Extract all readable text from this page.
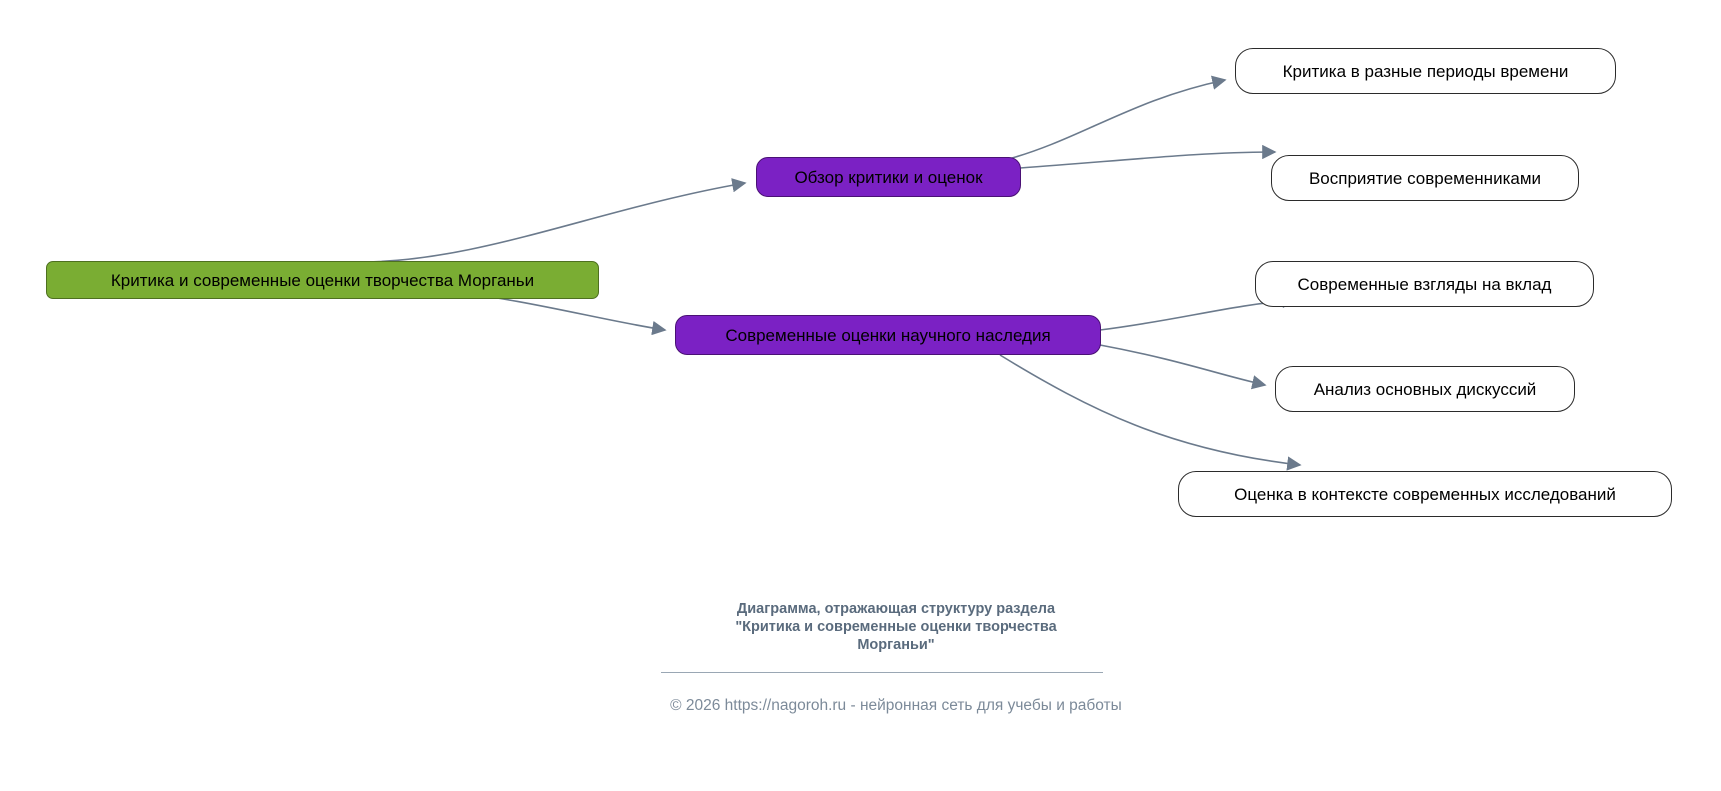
Критика и современные оценки творчества Морганьи
Обзор критики и оценок
Современные оценки научного наследия
Критика в разные периоды времени
Восприятие современниками
Современные взгляды на вклад
Анализ основных дискуссий
Оценка в контексте современных исследований
Диаграмма, отражающая структуру раздела
"Критика и современные оценки творчества
Морганьи"
© 2026 https://nagoroh.ru - нейронная сеть для учебы и работы
